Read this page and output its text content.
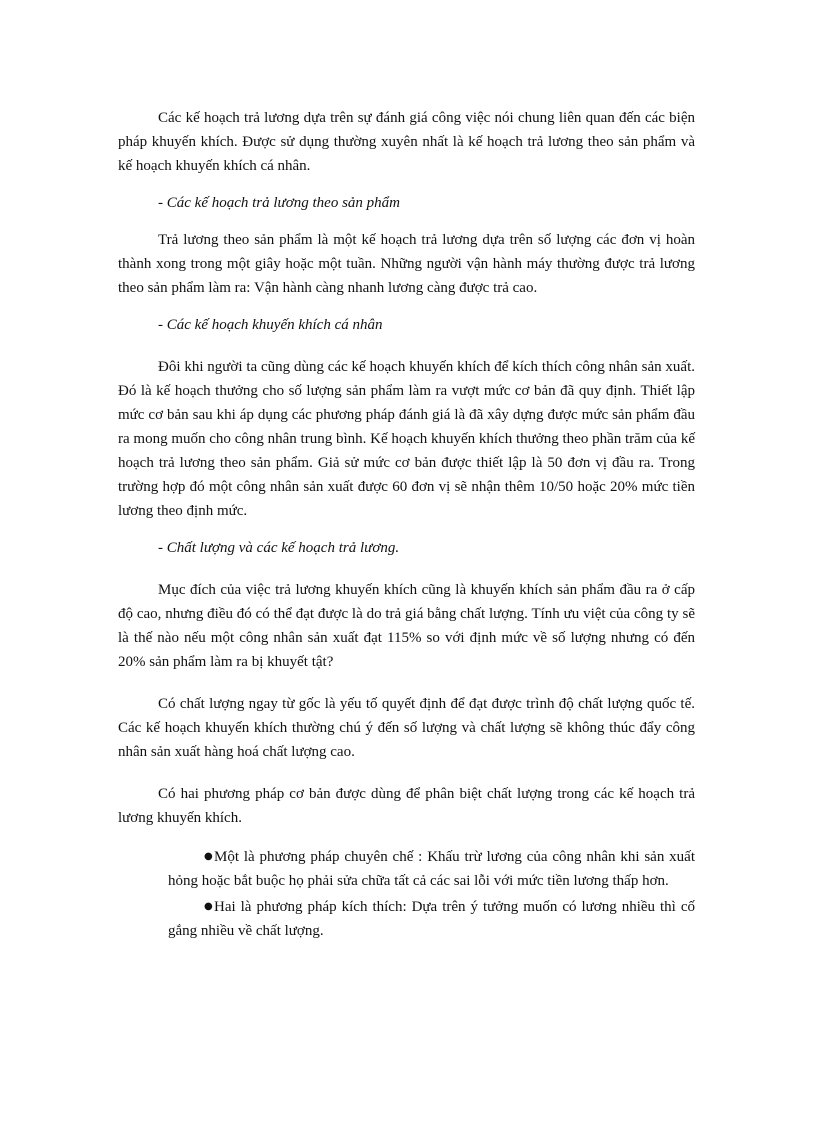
Các kế hoạch trả lương dựa trên sự đánh giá công việc nói chung liên quan đến các biện pháp khuyến khích. Được sử dụng thường xuyên nhất là kế hoạch trả lương theo sản phẩm và kế hoạch khuyến khích cá nhân.

- Các kế hoạch trả lương theo sản phẩm

Trả lương theo sản phẩm là một kế hoạch trả lương dựa trên số lượng các đơn vị hoàn thành xong trong một giây hoặc một tuần. Những người vận hành máy thường được trả lương theo sản phẩm làm ra: Vận hành càng nhanh lương càng được trả cao.

- Các kế hoạch khuyến khích cá nhân

Đôi khi người ta cũng dùng các kế hoạch khuyến khích để kích thích công nhân sản xuất. Đó là kế hoạch thưởng cho số lượng sản phẩm làm ra vượt mức cơ bản đã quy định. Thiết lập mức cơ bản sau khi áp dụng các phương pháp đánh giá là đã xây dựng được mức sản phẩm đầu ra mong muốn cho công nhân trung bình. Kế hoạch khuyến khích thưởng theo phần trăm của kế hoạch trả lương theo sản phẩm. Giả sử mức cơ bản được thiết lập là 50 đơn vị đầu ra. Trong trường hợp đó một công nhân sản xuất được 60 đơn vị sẽ nhận thêm 10/50 hoặc 20% mức tiền lương theo định mức.

- Chất lượng và các kế hoạch trả lương.

Mục đích của việc trả lương khuyến khích cũng là khuyến khích sản phẩm đầu ra ở cấp độ cao, nhưng điều đó có thể đạt được là do trả giá bằng chất lượng. Tính ưu việt của công ty sẽ là thế nào nếu một công nhân sản xuất đạt 115% so với định mức về số lượng nhưng có đến 20% sản phẩm làm ra bị khuyết tật?

Có chất lượng ngay từ gốc là yếu tố quyết định để đạt được trình độ chất lượng quốc tế. Các kế hoạch khuyến khích thường chú ý đến số lượng và chất lượng sẽ không thúc đẩy công nhân sản xuất hàng hoá chất lượng cao.

Có hai phương pháp cơ bản được dùng để phân biệt chất lượng trong các kế hoạch trả lương khuyến khích.

●Một là phương pháp chuyên chế : Khấu trừ lương của công nhân khi sản xuất hỏng hoặc bắt buộc họ phải sửa chữa tất cả các sai lỗi với mức tiền lương thấp hơn.
●Hai là phương pháp kích thích: Dựa trên ý tưởng muốn có lương nhiều thì cố gắng nhiều về chất lượng.
